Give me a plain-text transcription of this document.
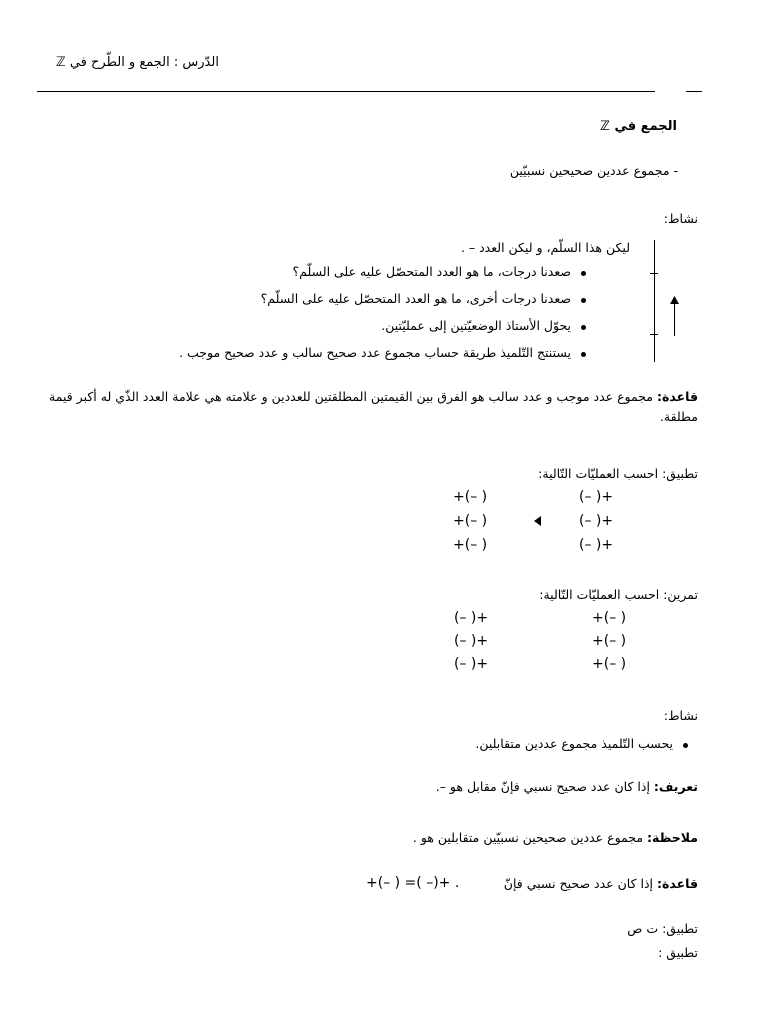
الدّرس : الجمع و الطّرح في ℤ
الجمع في ℤ
- مجموع عددين صحيحين نسبيّين
نشاط:
ليكن هذا السلّم، و ليكن العدد – .
صعدنا درجات، ما هو العدد المتحصّل عليه على السلّم؟
صعدنا درجات أخرى، ما هو العدد المتحصّل عليه على السلّم؟
يحوّل الأستاذ الوضعيّتين إلى عمليّتين.
يستنتج التّلميذ طريقة حساب مجموع عدد صحيح سالب و عدد صحيح موجب .
قاعدة: مجموع عدد موجب و عدد سالب هو الفرق بين القيمتين المطلقتين للعددين و علامته هي علامة العدد الذّي له أكبر قيمة مطلقة.
تطبيق: احسب العمليّات التّالية:
+(– )
+(– )
+(– )
(– )+
(– )+
(– )+
تمرين: احسب العمليّات التّالية:
(– )+
(– )+
(– )+
+(– )
+(– )
+(– )
نشاط:
يحسب التّلميذ مجموع عددين متقابلين.
تعريف: إذا كان عدد صحيح نسبي فإنّ مقابل هو –.
ملاحظة: مجموع عددين صحيحين نسبيّين متقابلين هو .
قاعدة: إذا كان عدد صحيح نسبي فإنّ
+(– ) =( –)+ .
تطبيق: ت ص
تطبيق :
